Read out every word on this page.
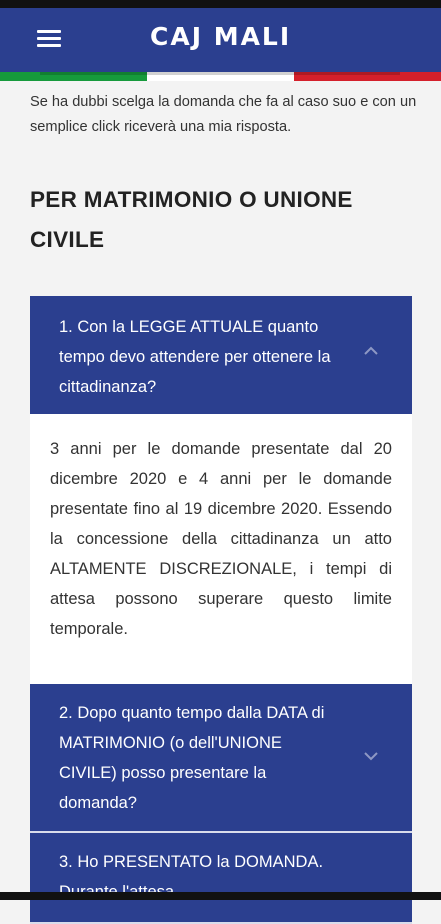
CAJ MALI

Se ha dubbi scelga la domanda che fa al caso suo e con un semplice click riceverà una mia risposta.

PER MATRIMONIO O UNIONE CIVILE
1. Con la LEGGE ATTUALE quanto tempo devo attendere per ottenere la cittadinanza?
3 anni per le domande presentate dal 20 dicembre 2020 e 4 anni per le domande presentate fino al 19 dicembre 2020. Essendo la concessione della cittadinanza un atto ALTAMENTE DISCREZIONALE, i tempi di attesa possono superare questo limite temporale.
2. Dopo quanto tempo dalla DATA di MATRIMONIO (o dell'UNIONE CIVILE) posso presentare la domanda?
3. Ho PRESENTATO la DOMANDA.
